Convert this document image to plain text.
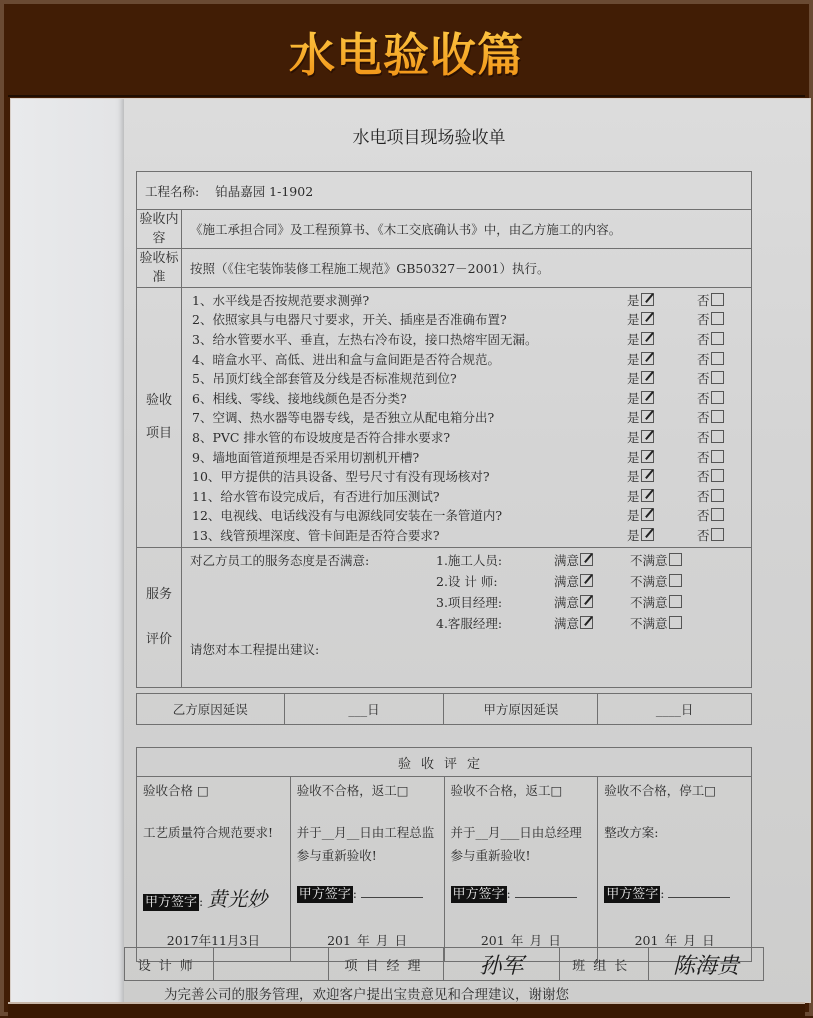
水电验收篇
水电项目现场验收单
工程名称: 铂晶嘉园 1-1902	
验收内容	《施工承担合同》及工程预算书、《木工交底确认书》中，由乙方施工的内容。
验收标准	按照（《住宅装饰装修工程施工规范》GB50327－2001）执行。

验收
项目

1、水平线是否按规范要求测弹?	是	否
2、依照家具与电器尺寸要求，开关、插座是否准确布置?	是	否
3、给水管要水平、垂直，左热右冷布设，接口热熔牢固无漏。	是	否
4、暗盒水平、高低、进出和盒与盒间距是否符合规范。	是	否
5、吊顶灯线全部套管及分线是否标准规范到位?	是	否
6、相线、零线、接地线颜色是否分类?	是	否
7、空调、热水器等电器专线，是否独立从配电箱分出?	是	否
8、PVC 排水管的布设坡度是否符合排水要求?	是	否
9、墙地面管道预埋是否采用切割机开槽?	是	否
10、甲方提供的洁具设备、型号尺寸有没有现场核对?	是	否
11、给水管布设完成后，有否进行加压测试?	是	否
12、电视线、电话线没有与电源线同安装在一条管道内?	是	否
13、线管预埋深度、管卡间距是否符合要求?	是	否

服务
评价

对乙方员工的服务态度是否满意:	1.施工人员:	满意	不满意
2.设 计 师:	满意	不满意
3.项目经理:	满意	不满意
4.客服经理:	满意	不满意
请您对本工程提出建议:
乙方原因延误	___日	甲方原因延误	____日
验收评定

验收合格 □
工艺质量符合规范要求!
甲方签字 : 黄光妙
2017年11月3日

验收不合格，返工□
并于__月__日由工程总监参与重新验收!
甲方签字 :
201_年_月_日

验收不合格，返工□
并于__月___日由总经理参与重新验收!
甲方签字 :
201_年_月_日

验收不合格，停工□
整改方案:
甲方签字 :
201_年_月_日
设计师		项目经理	孙军	班组长	陈海贵
为完善公司的服务管理，欢迎客户提出宝贵意见和合理建议，谢谢您
